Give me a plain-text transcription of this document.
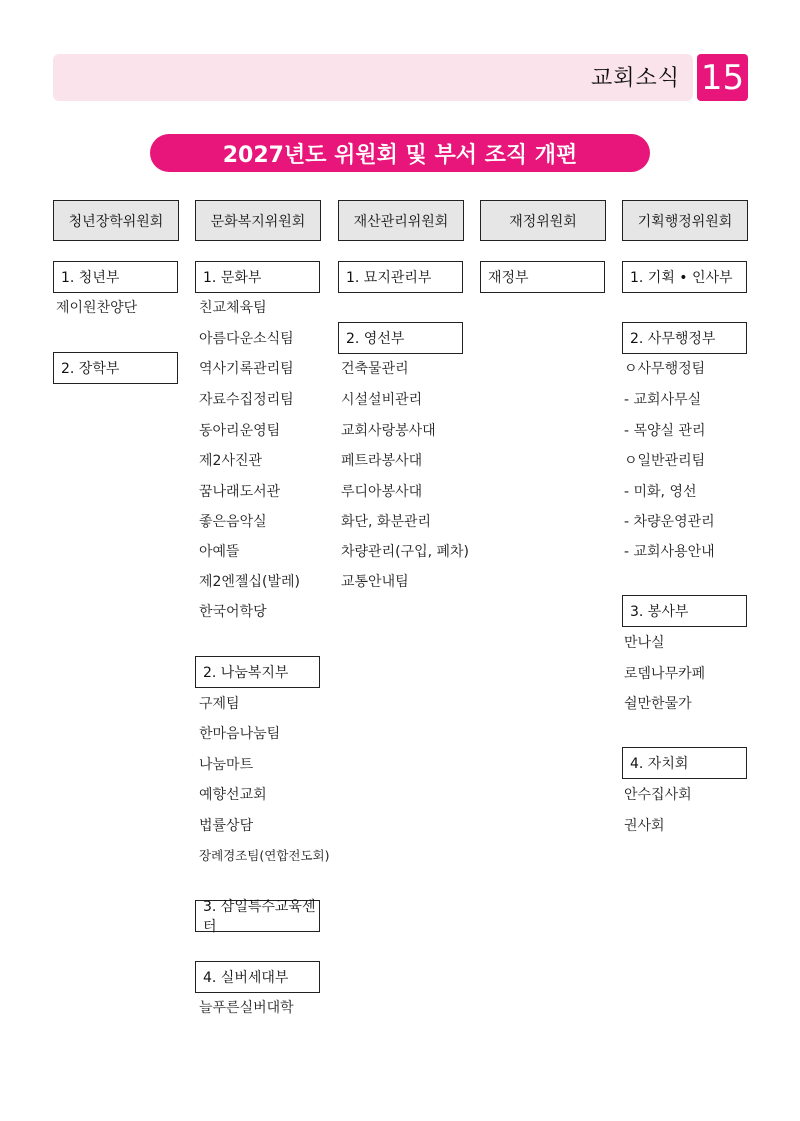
교회소식 15
2027년도 위원회 및 부서 조직 개편
청년장학위원회	문화복지위원회	재산관리위원회	재정위원회	기획행정위원회
1. 청년부
제이원찬양단
2. 장학부
1. 문화부
친교체육팀
아름다운소식팀
역사기록관리팀
자료수집정리팀
동아리운영팀
제2사진관
꿈나래도서관
좋은음악실
아예뜰
제2엔젤십(발레)
한국어학당
2. 나눔복지부
구제팀
한마음나눔팀
나눔마트
예향선교회
법률상담
장례경조팀(연합전도회)
3. 삼일특수교육센터
4. 실버세대부
늘푸른실버대학
1. 묘지관리부
2. 영선부
건축물관리
시설설비관리
교회사랑봉사대
페트라봉사대
루디아봉사대
화단, 화분관리
차량관리(구입, 폐차)
교통안내팀
재정부	1. 기획 • 인사부
2. 사무행정부
ㅇ사무행정팀
- 교회사무실
- 목양실 관리
ㅇ일반관리팀
- 미화, 영선
- 차량운영관리
- 교회사용안내
3. 봉사부
만나실
로뎀나무카페
쉴만한물가
4. 자치회
안수집사회
권사회
